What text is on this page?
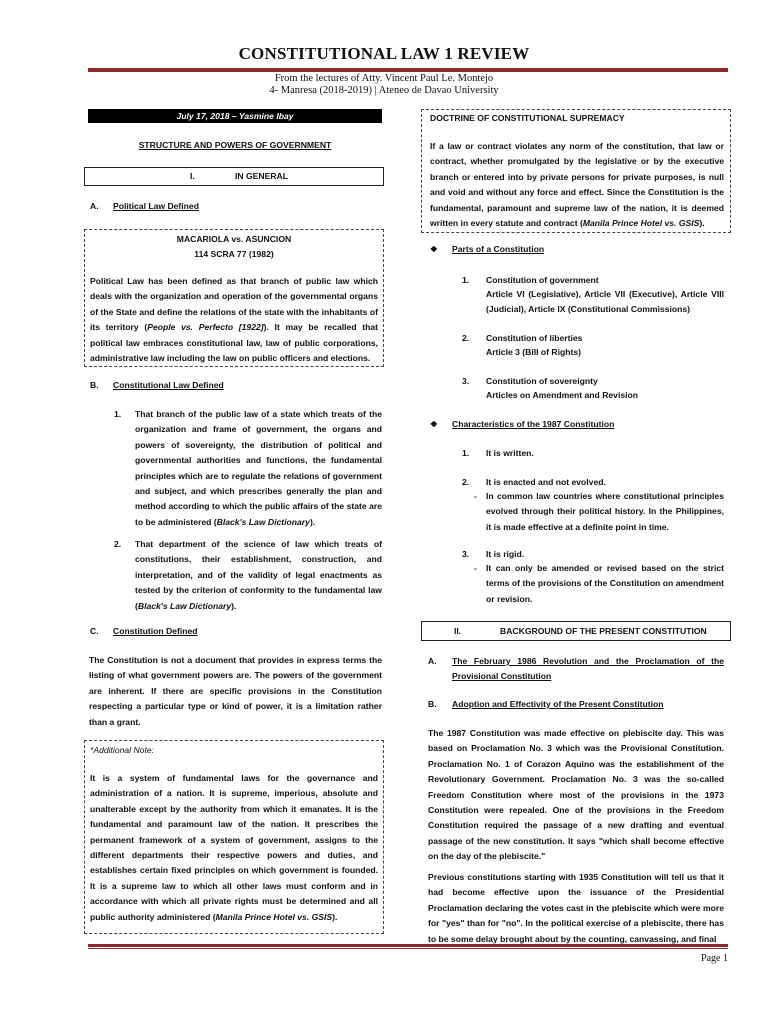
CONSTITUTIONAL LAW 1 REVIEW
From the lectures of Atty. Vincent Paul Le. Montejo
4- Manresa (2018-2019) | Ateneo de Davao University
July 17, 2018 – Yasmine Ibay
STRUCTURE AND POWERS OF GOVERNMENT
I.	IN GENERAL
A. Political Law Defined
MACARIOLA vs. ASUNCION
114 SCRA 77 (1982)
Political Law has been defined as that branch of public law which deals with the organization and operation of the governmental organs of the State and define the relations of the state with the inhabitants of its territory (People vs. Perfecto [1922]). It may be recalled that political law embraces constitutional law, law of public corporations, administrative law including the law on public officers and elections.
B. Constitutional Law Defined
1. That branch of the public law of a state which treats of the organization and frame of government, the organs and powers of sovereignty, the distribution of political and governmental authorities and functions, the fundamental principles which are to regulate the relations of government and subject, and which prescribes generally the plan and method according to which the public affairs of the state are to be administered (Black's Law Dictionary).
2. That department of the science of law which treats of constitutions, their establishment, construction, and interpretation, and of the validity of legal enactments as tested by the criterion of conformity to the fundamental law (Black's Law Dictionary).
C. Constitution Defined
The Constitution is not a document that provides in express terms the listing of what government powers are. The powers of the government are inherent. If there are specific provisions in the Constitution respecting a particular type or kind of power, it is a limitation rather than a grant.
*Additional Note:
It is a system of fundamental laws for the governance and administration of a nation. It is supreme, imperious, absolute and unalterable except by the authority from which it emanates. It is the fundamental and paramount law of the nation. It prescribes the permanent framework of a system of government, assigns to the different departments their respective powers and duties, and establishes certain fixed principles on which government is founded. It is a supreme law to which all other laws must conform and in accordance with which all private rights must be determined and all public authority administered (Manila Prince Hotel vs. GSIS).
DOCTRINE OF CONSTITUTIONAL SUPREMACY
If a law or contract violates any norm of the constitution, that law or contract, whether promulgated by the legislative or by the executive branch or entered into by private persons for private purposes, is null and void and without any force and effect. Since the Constitution is the fundamental, paramount and supreme law of the nation, it is deemed written in every statute and contract (Manila Prince Hotel vs. GSIS).
❖ Parts of a Constitution
1. Constitution of government
Article VI (Legislative), Article VII (Executive), Article VIII (Judicial), Article IX (Constitutional Commissions)
2. Constitution of liberties
Article 3 (Bill of Rights)
3. Constitution of sovereignty
Articles on Amendment and Revision
❖ Characteristics of the 1987 Constitution
1. It is written.
2. It is enacted and not evolved.
-	In common law countries where constitutional principles evolved through their political history. In the Philippines, it is made effective at a definite point in time.
3. It is rigid.
-	It can only be amended or revised based on the strict terms of the provisions of the Constitution on amendment or revision.
II.	BACKGROUND OF THE PRESENT CONSTITUTION
A. The February 1986 Revolution and the Proclamation of the Provisional Constitution
B. Adoption and Effectivity of the Present Constitution
The 1987 Constitution was made effective on plebiscite day. This was based on Proclamation No. 3 which was the Provisional Constitution. Proclamation No. 1 of Corazon Aquino was the establishment of the Revolutionary Government. Proclamation No. 3 was the so-called Freedom Constitution where most of the provisions in the 1973 Constitution were repealed. One of the provisions in the Freedom Constitution required the passage of a new drafting and eventual passage of the new constitution. It says "which shall become effective on the day of the plebiscite."
Previous constitutions starting with 1935 Constitution will tell us that it had become effective upon the issuance of the Presidential Proclamation declaring the votes cast in the plebiscite which were more for "yes" than for "no". In the political exercise of a plebiscite, there has to be some delay brought about by the counting, canvassing, and final
Page 1
